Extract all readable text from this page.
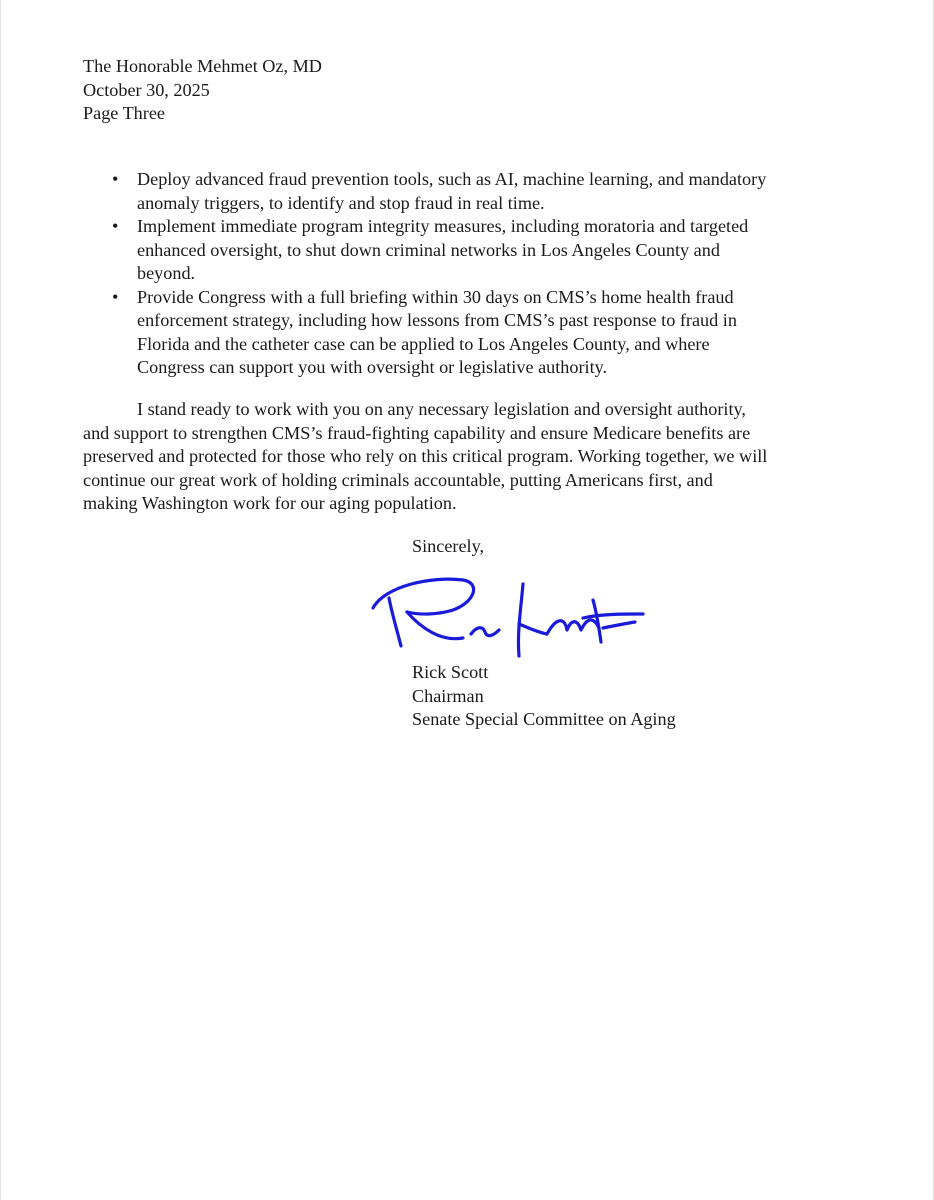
The Honorable Mehmet Oz, MD
October 30, 2025
Page Three
• Deploy advanced fraud prevention tools, such as AI, machine learning, and mandatory
anomaly triggers, to identify and stop fraud in real time.
• Implement immediate program integrity measures, including moratoria and targeted
enhanced oversight, to shut down criminal networks in Los Angeles County and
beyond.
• Provide Congress with a full briefing within 30 days on CMS’s home health fraud
enforcement strategy, including how lessons from CMS’s past response to fraud in
Florida and the catheter case can be applied to Los Angeles County, and where
Congress can support you with oversight or legislative authority.

I stand ready to work with you on any necessary legislation and oversight authority,
and support to strengthen CMS’s fraud-fighting capability and ensure Medicare benefits are
preserved and protected for those who rely on this critical program. Working together, we will
continue our great work of holding criminals accountable, putting Americans first, and
making Washington work for our aging population.

Sincerely,
Rick Scott
Chairman
Senate Special Committee on Aging
